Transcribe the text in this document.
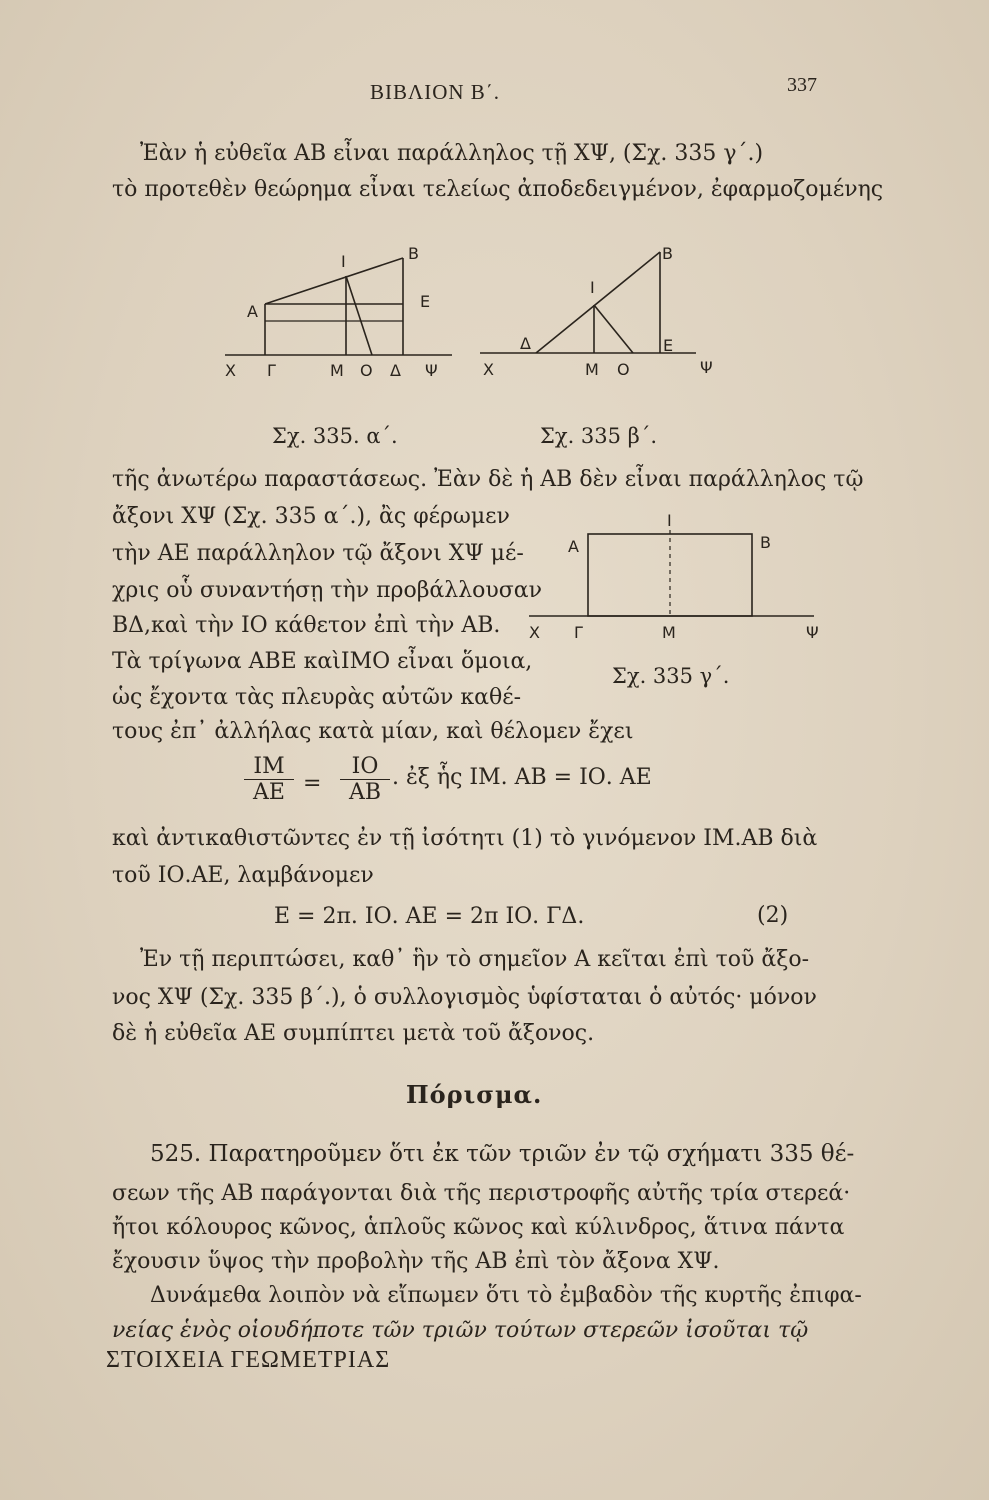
ΒΙΒΛΙΟΝ Β΄.	337
Ἐὰν ἡ εὐθεῖα ΑΒ εἶναι παράλληλος τῇ ΧΨ, (Σχ. 335 γ΄.)
τὸ προτεθὲν θεώρημα εἶναι τελείως ἀποδεδειγμένον, ἐφαρμοζομένης
I	B
A
E
X Γ	M O Δ Ψ
B
I
Δ	E
X	M O	Ψ
Σχ. 335. α΄.	Σχ. 335 β΄.
τῆς ἀνωτέρω παραστάσεως. Ἐὰν δὲ ἡ ΑΒ δὲν εἶναι παράλληλος τῷ
ἄξονι ΧΨ (Σχ. 335 α΄.), ἂς φέρωμεν
τὴν ΑΕ παράλληλον τῷ ἄξονι ΧΨ μέ-
χρις οὗ συναντήσῃ τὴν προβάλλουσαν
ΒΔ,καὶ τὴν ΙΟ κάθετον ἐπὶ τὴν ΑΒ.
Τὰ τρίγωνα ΑΒΕ καὶΙΜΟ εἶναι ὅμοια,
ὡς ἔχοντα τὰς πλευρὰς αὐτῶν καθέ-
τους ἐπ᾽ ἀλλήλας κατὰ μίαν, καὶ θέλομεν ἔχει
I
A	B
X Γ	M	Ψ
Σχ. 335 γ΄.
$\frac{IM}{AE} = \frac{IO}{AB}$ . ἐξ ἧς ΙΜ. ΑΒ = ΙΟ. ΑΕ
καὶ ἀντικαθιστῶντες ἐν τῇ ἰσότητι (1) τὸ γινόμενον ΙΜ.ΑΒ διὰ
τοῦ ΙΟ.ΑΕ, λαμβάνομεν
Ε = 2π. ΙΟ. ΑΕ = 2π ΙΟ. ΓΔ.	(2)
Ἐν τῇ περιπτώσει, καθ᾽ ἣν τὸ σημεῖον Α κεῖται ἐπὶ τοῦ ἄξο-
νος ΧΨ (Σχ. 335 β΄.), ὁ συλλογισμὸς ὑφίσταται ὁ αὐτός· μόνον
δὲ ἡ εὐθεῖα ΑΕ συμπίπτει μετὰ τοῦ ἄξονος.
Πόρισμα.
525. Παρατηροῦμεν ὅτι ἐκ τῶν τριῶν ἐν τῷ σχήματι 335 θέ-
σεων τῆς ΑΒ παράγονται διὰ τῆς περιστροφῆς αὐτῆς τρία στερεά·
ἤτοι κόλουρος κῶνος, ἁπλοῦς κῶνος καὶ κύλινδρος, ἅτινα πάντα
ἔχουσιν ὕψος τὴν προβολὴν τῆς ΑΒ ἐπὶ τὸν ἄξονα ΧΨ.
Δυνάμεθα λοιπὸν νὰ εἴπωμεν ὅτι τὸ ἐμβαδὸν τῆς κυρτῆς ἐπιφα-
νείας ἑνὸς οἱουδήποτε τῶν τριῶν τούτων στερεῶν ἰσοῦται τῷ
ΣΤΟΙΧΕΙΑ ΓΕΩΜΕΤΡΙΑΣ
